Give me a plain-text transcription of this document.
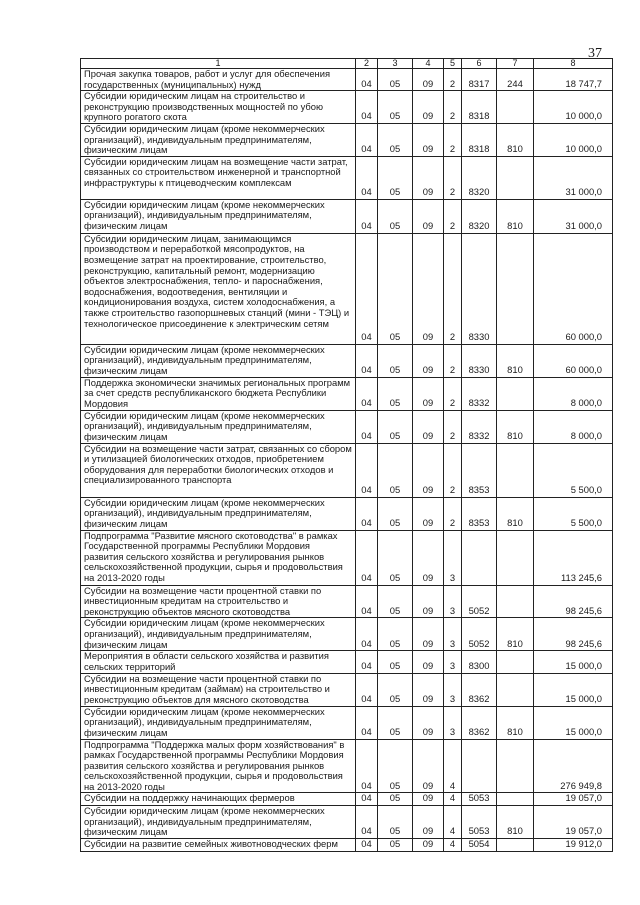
37
1	2	3	4	5	6	7	8
Прочая закупка товаров, работ и услуг для обеспечения государственных (муниципальных) нужд	04	05	09	2	8317	244	18 747,7
Субсидии юридическим лицам на строительство и реконструкцию производственных мощностей по убою крупного рогатого скота	04	05	09	2	8318		10 000,0
Субсидии юридическим лицам (кроме некоммерческих организаций), индивидуальным предпринимателям, физическим лицам	04	05	09	2	8318	810	10 000,0
Субсидии юридическим лицам на возмещение части затрат, связанных со строительством инженерной и транспортной инфраструктуры к птицеводческим комплексам	04	05	09	2	8320		31 000,0
Субсидии юридическим лицам (кроме некоммерческих организаций), индивидуальным предпринимателям, физическим лицам	04	05	09	2	8320	810	31 000,0
Субсидии юридическим лицам, занимающимся производством и переработкой мясопродуктов, на возмещение затрат на проектирование, строительство, реконструкцию, капитальный ремонт, модернизацию объектов электроснабжения, тепло- и пароснабжения, водоснабжения, водоотведения, вентиляции и кондиционирования воздуха, систем холодоснабжения, а также строительство газопоршневых станций (мини - ТЭЦ) и технологическое присоединение к электрическим сетям	04	05	09	2	8330		60 000,0
Субсидии юридическим лицам (кроме некоммерческих организаций), индивидуальным предпринимателям, физическим лицам	04	05	09	2	8330	810	60 000,0
Поддержка экономически значимых региональных программ за счет средств республиканского бюджета Республики Мордовия	04	05	09	2	8332		8 000,0
Субсидии юридическим лицам (кроме некоммерческих организаций), индивидуальным предпринимателям, физическим лицам	04	05	09	2	8332	810	8 000,0
Субсидии на возмещение части затрат, связанных со сбором и утилизацией биологических отходов, приобретением оборудования для переработки биологических отходов и специализированного транспорта	04	05	09	2	8353		5 500,0
Субсидии юридическим лицам (кроме некоммерческих организаций), индивидуальным предпринимателям, физическим лицам	04	05	09	2	8353	810	5 500,0
Подпрограмма "Развитие мясного скотоводства" в рамках Государственной программы Республики Мордовия развития сельского хозяйства и регулирования рынков сельскохозяйственной продукции, сырья и продовольствия на 2013-2020 годы	04	05	09	3			113 245,6
Субсидии на возмещение части процентной ставки по инвестиционным кредитам на строительство и реконструкцию объектов мясного скотоводства	04	05	09	3	5052		98 245,6
Субсидии юридическим лицам (кроме некоммерческих организаций), индивидуальным предпринимателям, физическим лицам	04	05	09	3	5052	810	98 245,6
Мероприятия в области сельского хозяйства и развития сельских территорий	04	05	09	3	8300		15 000,0
Субсидии на возмещение части процентной ставки по инвестиционным кредитам (займам) на строительство и реконструкцию объектов для мясного скотоводства	04	05	09	3	8362		15 000,0
Субсидии юридическим лицам (кроме некоммерческих организаций), индивидуальным предпринимателям, физическим лицам	04	05	09	3	8362	810	15 000,0
Подпрограмма "Поддержка малых форм хозяйствования" в рамках Государственной программы Республики Мордовия развития сельского хозяйства и регулирования рынков сельскохозяйственной продукции, сырья и продовольствия на 2013-2020 годы	04	05	09	4			276 949,8
Субсидии на поддержку начинающих фермеров	04	05	09	4	5053		19 057,0
Субсидии юридическим лицам (кроме некоммерческих организаций), индивидуальным предпринимателям, физическим лицам	04	05	09	4	5053	810	19 057,0
Субсидии на развитие семейных животноводческих ферм	04	05	09	4	5054		19 912,0
